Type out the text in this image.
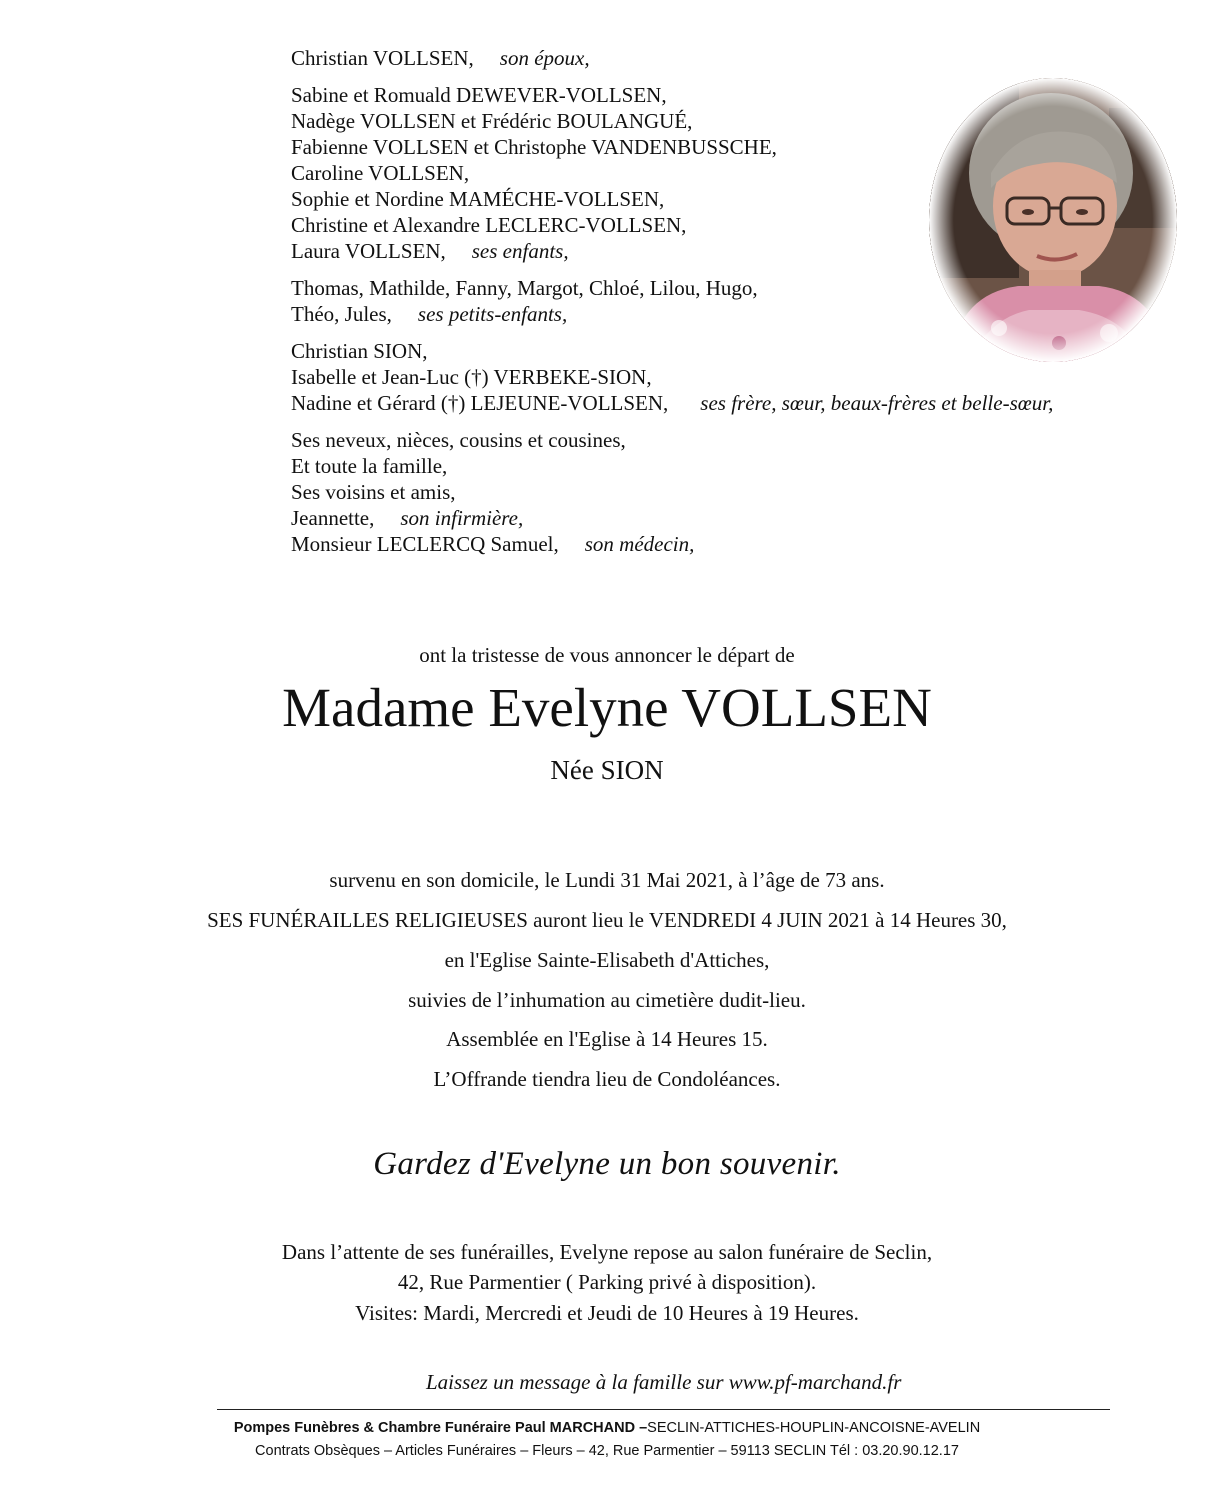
Christian VOLLSEN, son époux,
Sabine et Romuald DEWEVER-VOLLSEN,
Nadège VOLLSEN et Frédéric BOULANGUÉ,
Fabienne VOLLSEN et Christophe VANDENBUSSCHE,
Caroline VOLLSEN,
Sophie et Nordine MAMÉCHE-VOLLSEN,
Christine et Alexandre LECLERC-VOLLSEN,
Laura VOLLSEN, ses enfants,
Thomas, Mathilde, Fanny, Margot, Chloé, Lilou, Hugo,
Théo, Jules, ses petits-enfants,
Christian SION,
Isabelle et Jean-Luc (†) VERBEKE-SION,
Nadine et Gérard (†) LEJEUNE-VOLLSEN, ses frère, sœur, beaux-frères et belle-sœur,
Ses neveux, nièces, cousins et cousines,
Et toute la famille,
Ses voisins et amis,
Jeannette, son infirmière,
Monsieur LECLERCQ Samuel, son médecin,
ont la tristesse de vous annoncer le départ de
Madame Evelyne VOLLSEN
Née SION
survenu en son domicile, le Lundi 31 Mai 2021, à l’âge de 73 ans.
SES FUNÉRAILLES RELIGIEUSES auront lieu le VENDREDI 4 JUIN 2021 à 14 Heures 30,
en l'Eglise Sainte-Elisabeth d'Attiches,
suivies de l’inhumation au cimetière dudit-lieu.
Assemblée en l'Eglise à 14 Heures 15.
L’Offrande tiendra lieu de Condoléances.
Gardez d'Evelyne un bon souvenir.
Dans l’attente de ses funérailles, Evelyne repose au salon funéraire de Seclin,
42, Rue Parmentier ( Parking privé à disposition).
Visites: Mardi, Mercredi et Jeudi de 10 Heures à 19 Heures.
Laissez un message à la famille sur www.pf-marchand.fr
Pompes Funèbres & Chambre Funéraire Paul MARCHAND –SECLIN-ATTICHES-HOUPLIN-ANCOISNE-AVELIN
Contrats Obsèques – Articles Funéraires – Fleurs – 42, Rue Parmentier – 59113 SECLIN Tél : 03.20.90.12.17
